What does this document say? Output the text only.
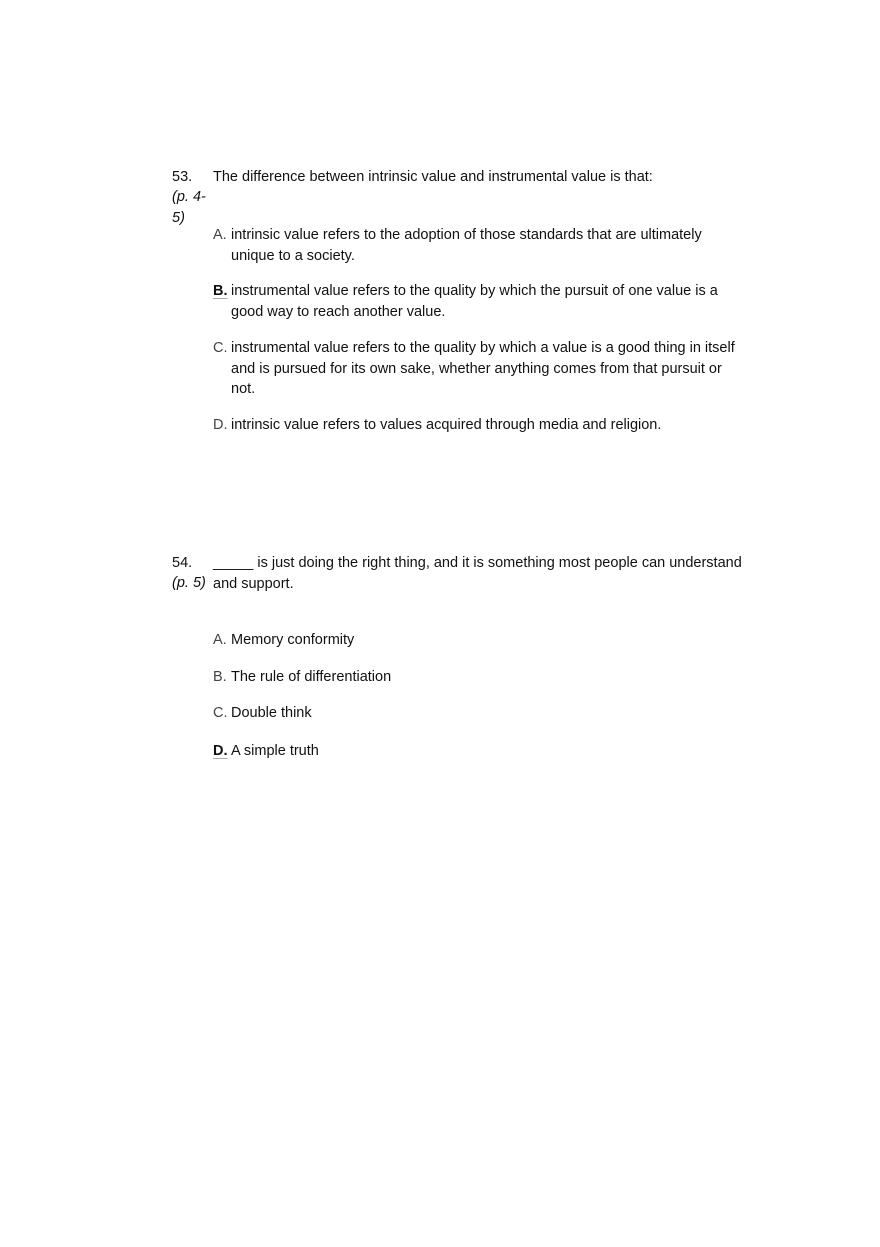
53.
(p. 4-5)
The difference between intrinsic value and instrumental value is that:
A. intrinsic value refers to the adoption of those standards that are ultimately unique to a society.
B. instrumental value refers to the quality by which the pursuit of one value is a good way to reach another value.
C. instrumental value refers to the quality by which a value is a good thing in itself and is pursued for its own sake, whether anything comes from that pursuit or not.
D. intrinsic value refers to values acquired through media and religion.
54.
(p. 5)
_____ is just doing the right thing, and it is something most people can understand and support.
A. Memory conformity
B. The rule of differentiation
C. Double think
D. A simple truth
